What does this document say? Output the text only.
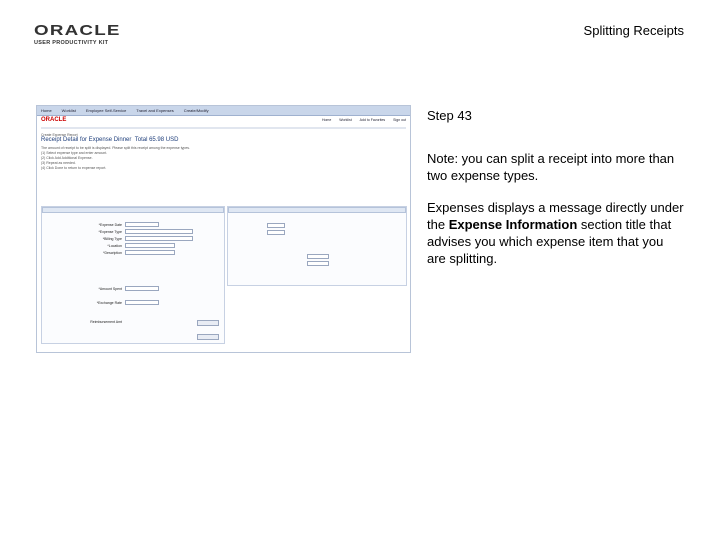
ORACLE
USER PRODUCTIVITY KIT
Splitting Receipts
Home	Worklist	Employee Self-Service	Travel and Expenses	Create/Modify
ORACLE	Home Worklist Add to Favorites Sign out
Create Expense Report
Receipt Detail for Expense Dinner Total 65.98 USD
The amount of receipt to be split is displayed. Please split this receipt among the expense types.
(1) Select expense type and enter amount.
(2) Click Add Additional Expense.
(3) Repeat as needed.
(4) Click Done to return to expense report.
*Expense Date
*Expense Type
*Billing Type
*Location
*Description
*Amount Spent
*Exchange Rate
Reimbursement Amt
Step 43
Note: you can split a receipt into more than two expense types.
Expenses displays a message directly under the Expense Information section title that advises you which expense item that you are splitting.
